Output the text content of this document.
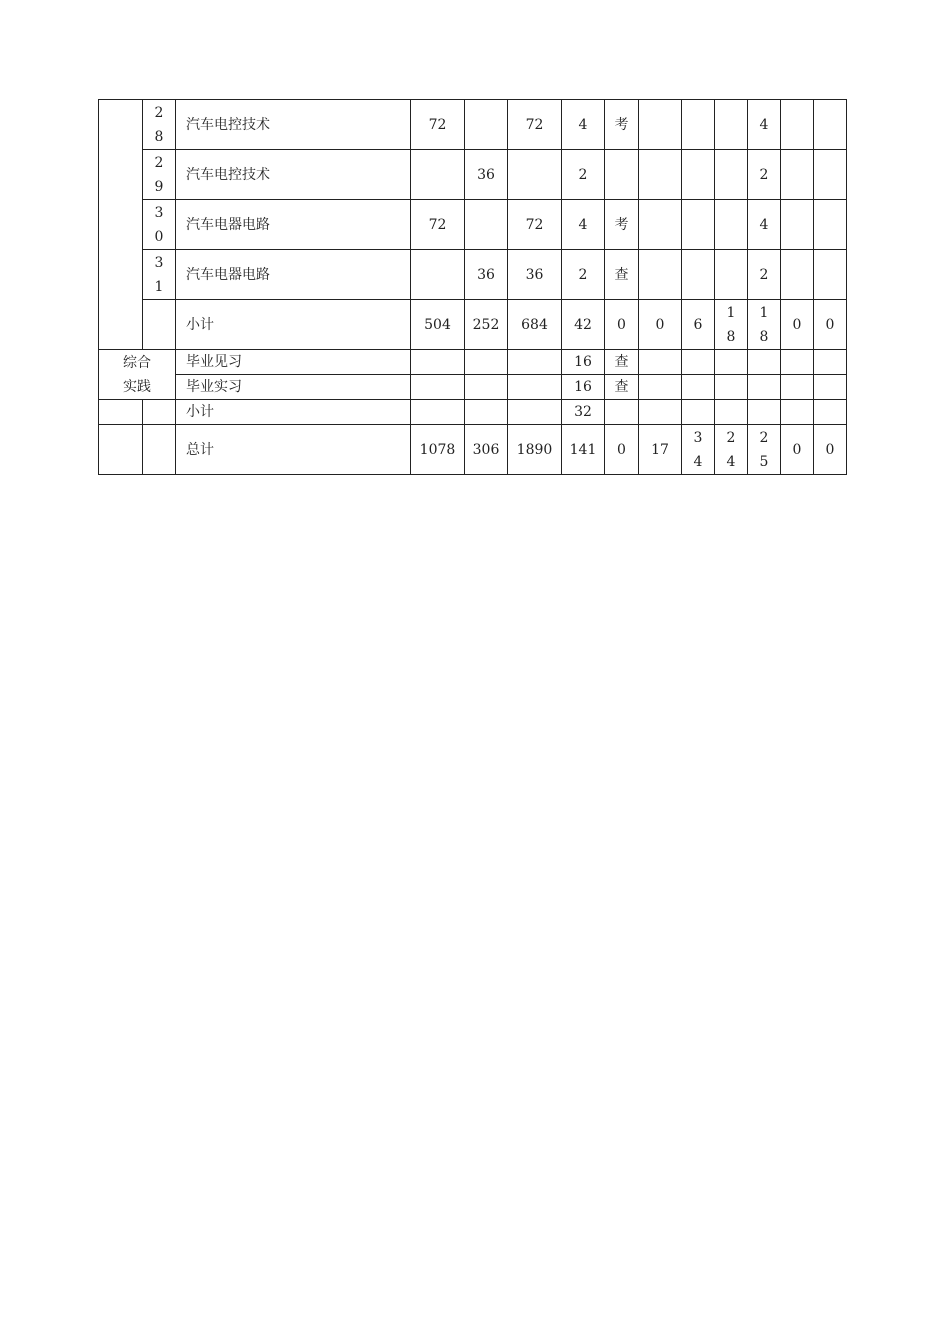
	28	汽车电控技术	72		72	4	考				4		
	29	汽车电控技术		36		2					2		
	30	汽车电器电路	72		72	4	考				4		
	31	汽车电器电路		36	36	2	查				2		
		小计	504	252	684	42	0	0	6	18	18	0	0
综合实践		毕业见习				16	查						
		毕业实习				16	查						
		小计				32							
		总计	1078	306	1890	141	0	17	34	24	25	0	0
